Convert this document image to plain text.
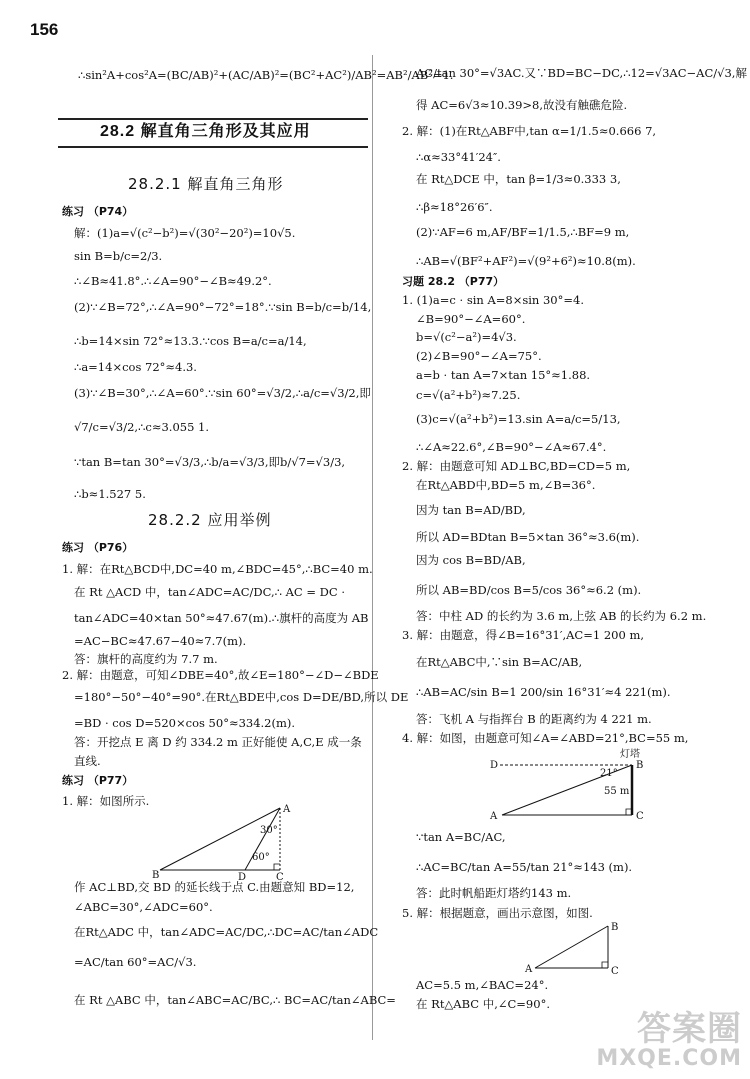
156
∴sin²A+cos²A=(BC/AB)²+(AC/AB)²=(BC²+AC²)/AB²=AB²/AB²=1.
28.2 解直角三角形及其应用
28.2.1 解直角三角形
练习 （P74）
解：(1)a=√(c²−b²)=√(30²−20²)=10√5.
sin B=b/c=2/3.
∴∠B≈41.8°.∴∠A=90°−∠B≈49.2°.
(2)∵∠B=72°,∴∠A=90°−72°=18°.∵sin B=b/c=b/14,
∴b=14×sin 72°≈13.3.∵cos B=a/c=a/14,
∴a=14×cos 72°≈4.3.
(3)∵∠B=30°,∴∠A=60°.∵sin 60°=√3/2,∴a/c=√3/2,即
√7/c=√3/2,∴c≈3.055 1.
∵tan B=tan 30°=√3/3,∴b/a=√3/3,即b/√7=√3/3,
∴b≈1.527 5.
28.2.2 应用举例
练习 （P76）
1. 解：在Rt△BCD中,DC=40 m,∠BDC=45°,∴BC=40 m.
在 Rt △ACD 中，tan∠ADC=AC/DC,∴ AC = DC ·
tan∠ADC=40×tan 50°≈47.67(m).∴旗杆的高度为 AB
=AC−BC≈47.67−40≈7.7(m).
答：旗杆的高度约为 7.7 m.
2. 解：由题意，可知∠DBE=40°,故∠E=180°−∠D−∠BDE
=180°−50°−40°=90°.在Rt△BDE中,cos D=DE/BD,所以 DE
=BD · cos D=520×cos 50°≈334.2(m).
答：开挖点 E 离 D 约 334.2 m 正好能使 A,C,E 成一条
直线.
练习 （P77）
1. 解：如图所示.
B
A
C
D
30°
60°
作 AC⊥BD,交 BD 的延长线于点 C.由题意知 BD=12,
∠ABC=30°,∠ADC=60°.
在Rt△ADC 中，tan∠ADC=AC/DC,∴DC=AC/tan∠ADC
=AC/tan 60°=AC/√3.
在 Rt △ABC 中，tan∠ABC=AC/BC,∴ BC=AC/tan∠ABC=
AC/tan 30°=√3AC.又∵BD=BC−DC,∴12=√3AC−AC/√3,解
得 AC=6√3≈10.39>8,故没有触礁危险.
2. 解：(1)在Rt△ABF中,tan α=1/1.5≈0.666 7,
∴α≈33°41′24″.
在 Rt△DCE 中，tan β=1/3≈0.333 3,
∴β≈18°26′6″.
(2)∵AF=6 m,AF/BF=1/1.5,∴BF=9 m,
∴AB=√(BF²+AF²)=√(9²+6²)≈10.8(m).
习题 28.2 （P77）
1. (1)a=c · sin A=8×sin 30°=4.
∠B=90°−∠A=60°.
b=√(c²−a²)=4√3.
(2)∠B=90°−∠A=75°.
a=b · tan A=7×tan 15°≈1.88.
c=√(a²+b²)≈7.25.
(3)c=√(a²+b²)=13.sin A=a/c=5/13,
∴∠A≈22.6°,∠B=90°−∠A≈67.4°.
2. 解：由题意可知 AD⊥BC,BD=CD=5 m,
在Rt△ABD中,BD=5 m,∠B=36°.
因为 tan B=AD/BD,
所以 AD=BDtan B=5×tan 36°≈3.6(m).
因为 cos B=BD/AB,
所以 AB=BD/cos B=5/cos 36°≈6.2 (m).
答：中柱 AD 的长约为 3.6 m,上弦 AB 的长约为 6.2 m.
3. 解：由题意，得∠B=16°31′,AC=1 200 m,
在Rt△ABC中,∵sin B=AC/AB,
∴AB=AC/sin B=1 200/sin 16°31′≈4 221(m).
答：飞机 A 与指挥台 B 的距离约为 4 221 m.
4. 解：如图，由题意可知∠A=∠ABD=21°,BC=55 m,
灯塔
D	B
A	C
21°
55 m
∵tan A=BC/AC,
∴AC=BC/tan A=55/tan 21°≈143 (m).
答：此时帆船距灯塔约143 m.
5. 解：根据题意，画出示意图，如图.
A
B
C
AC=5.5 m,∠BAC=24°.
在 Rt△ABC 中,∠C=90°.
答案圈
MXQE.COM
